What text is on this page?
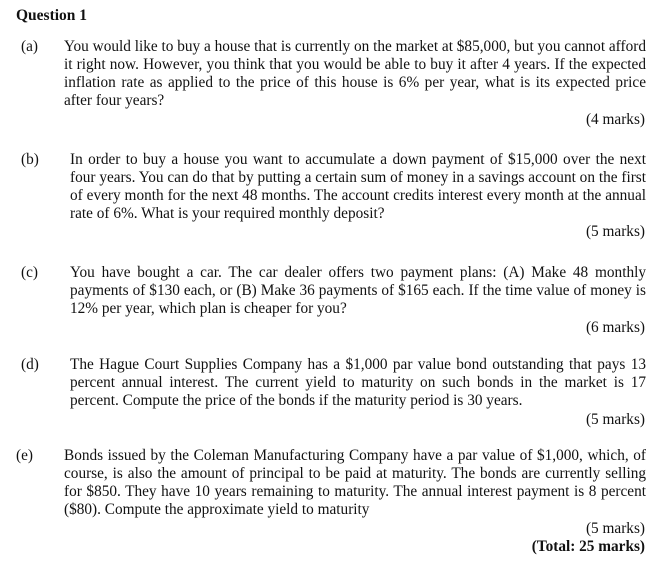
Question 1
(a) You would like to buy a house that is currently on the market at $85,000, but you cannot afford it right now. However, you think that you would be able to buy it after 4 years. If the expected inflation rate as applied to the price of this house is 6% per year, what is its expected price after four years?
(4 marks)
(b) In order to buy a house you want to accumulate a down payment of $15,000 over the next four years. You can do that by putting a certain sum of money in a savings account on the first of every month for the next 48 months. The account credits interest every month at the annual rate of 6%. What is your required monthly deposit?
(5 marks)
(c) You have bought a car. The car dealer offers two payment plans: (A) Make 48 monthly payments of $130 each, or (B) Make 36 payments of $165 each. If the time value of money is 12% per year, which plan is cheaper for you?
(6 marks)
(d) The Hague Court Supplies Company has a $1,000 par value bond outstanding that pays 13 percent annual interest. The current yield to maturity on such bonds in the market is 17 percent. Compute the price of the bonds if the maturity period is 30 years.
(5 marks)
(e) Bonds issued by the Coleman Manufacturing Company have a par value of $1,000, which, of course, is also the amount of principal to be paid at maturity. The bonds are currently selling for $850. They have 10 years remaining to maturity. The annual interest payment is 8 percent ($80). Compute the approximate yield to maturity
(5 marks)
(Total: 25 marks)
